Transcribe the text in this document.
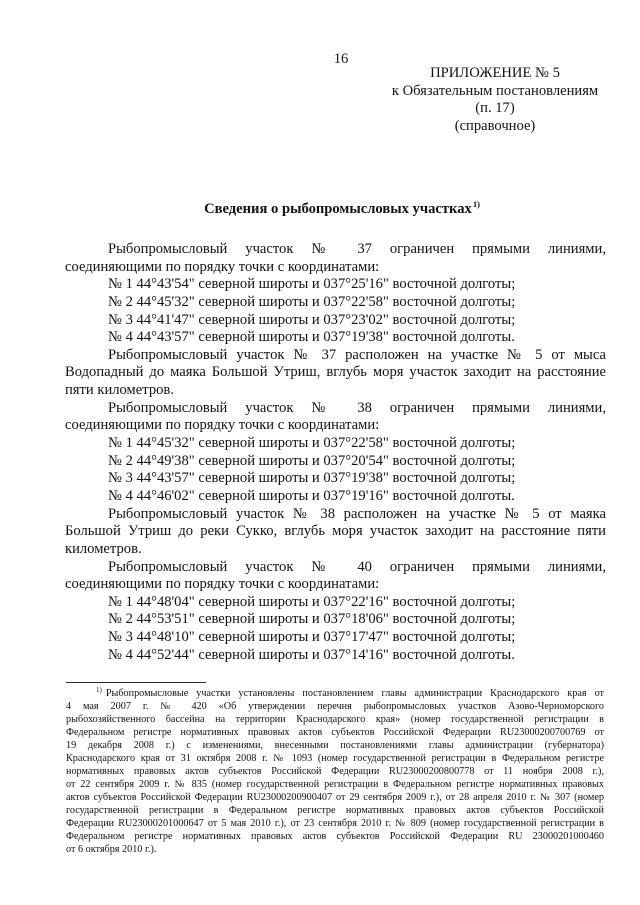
16
ПРИЛОЖЕНИЕ № 5
к Обязательным постановлениям
(п. 17)
(справочное)
Сведения о рыбопромысловых участках$^{1)}$
Рыбопромысловый участок № 37 ограничен прямыми линиями,
соединяющими по порядку точки с координатами:
№ 1 44°43'54" северной широты и 037°25'16" восточной долготы;
№ 2 44°45'32" северной широты и 037°22'58" восточной долготы;
№ 3 44°41'47" северной широты и 037°23'02" восточной долготы;
№ 4 44°43'57" северной широты и 037°19'38" восточной долготы.
Рыбопромысловый участок № 37 расположен на участке № 5 от мыса
Водопадный до маяка Большой Утриш, вглубь моря участок заходит на расстояние
пяти километров.
Рыбопромысловый участок № 38 ограничен прямыми линиями,
соединяющими по порядку точки с координатами:
№ 1 44°45'32" северной широты и 037°22'58" восточной долготы;
№ 2 44°49'38" северной широты и 037°20'54" восточной долготы;
№ 3 44°43'57" северной широты и 037°19'38" восточной долготы;
№ 4 44°46'02" северной широты и 037°19'16" восточной долготы.
Рыбопромысловый участок № 38 расположен на участке № 5 от маяка
Большой Утриш до реки Сукко, вглубь моря участок заходит на расстояние пяти
километров.
Рыбопромысловый участок № 40 ограничен прямыми линиями,
соединяющими по порядку точки с координатами:
№ 1 44°48'04" северной широты и 037°22'16" восточной долготы;
№ 2 44°53'51" северной широты и 037°18'06" восточной долготы;
№ 3 44°48'10" северной широты и 037°17'47" восточной долготы;
№ 4 44°52'44" северной широты и 037°14'16" восточной долготы.
$^{1)}$ Рыбопромысловые участки установлены постановлением главы администрации Краснодарского края от
4 мая 2007 г. № 420 «Об утверждении перечня рыбопромысловых участков Азово-Черноморского
рыбохозяйственного бассейна на территории Краснодарского края» (номер государственной регистрации в
Федеральном регистре нормативных правовых актов субъектов Российской Федерации RU23000200700769 от
19 декабря 2008 г.) с изменениями, внесенными постановлениями главы администрации (губернатора)
Краснодарского края от 31 октября 2008 г. № 1093 (номер государственной регистрации в Федеральном регистре
нормативных правовых актов субъектов Российской Федерации RU23000200800778 от 11 ноября 2008 г.),
от 22 сентября 2009 г. № 835 (номер государственной регистрации в Федеральном регистре нормативных правовых
актов субъектов Российской Федерации RU23000200900407 от 29 сентября 2009 г.), от 28 апреля 2010 г. № 307 (номер
государственной регистрации в Федеральном регистре нормативных правовых актов субъектов Российской
Федерации RU23000201000647 от 5 мая 2010 г.), от 23 сентября 2010 г. № 809 (номер государственной регистрации в
Федеральном регистре нормативных правовых актов субъектов Российской Федерации RU 23000201000460
от 6 октября 2010 г.).
